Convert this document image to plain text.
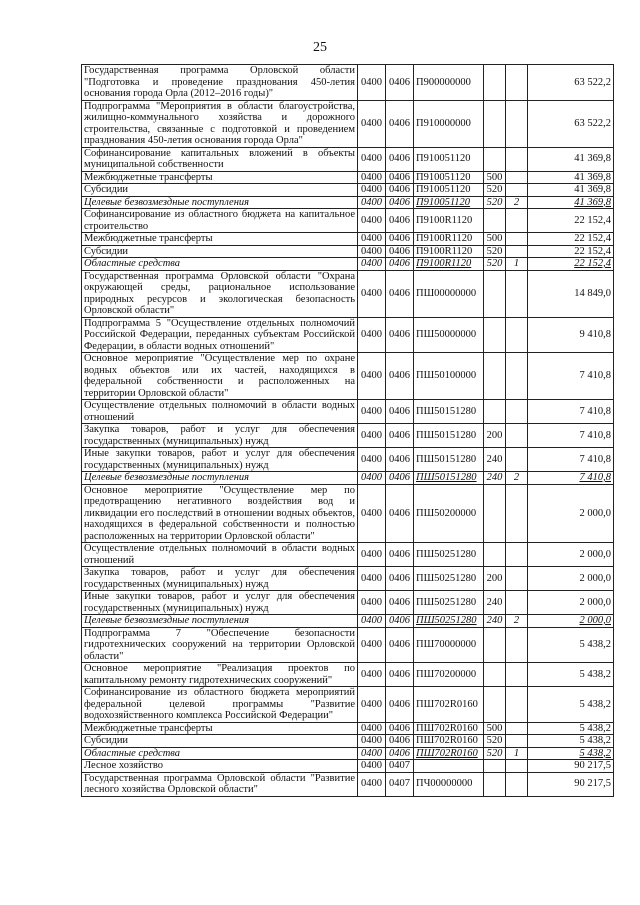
25
Государственная программа Орловской области "Подготовка и проведение празднования 450-летия основания города Орла (2012–2016 годы)"	0400	0406	П900000000			63 522,2
Подпрограмма "Мероприятия в области благоустройства, жилищно-коммунального хозяйства и дорожного строительства, связанные с подготовкой и проведением празднования 450-летия основания города Орла"	0400	0406	П910000000			63 522,2
Софинансирование капитальных вложений в объекты муниципальной собственности	0400	0406	П910051120			41 369,8
Межбюджетные трансферты	0400	0406	П910051120	500		41 369,8
Субсидии	0400	0406	П910051120	520		41 369,8
Целевые безвозмездные поступления	0400	0406	П910051120	520	2	41 369,8
Софинансирование из областного бюджета на капитальное строительство	0400	0406	П9100R1120			22 152,4
Межбюджетные трансферты	0400	0406	П9100R1120	500		22 152,4
Субсидии	0400	0406	П9100R1120	520		22 152,4
Областные средства	0400	0406	П9100R1120	520	1	22 152,4
Государственная программа Орловской области "Охрана окружающей среды, рациональное использование природных ресурсов и экологическая безопасность Орловской области"	0400	0406	ПШ00000000			14 849,0
Подпрограмма 5 "Осуществление отдельных полномочий Российской Федерации, переданных субъектам Российской Федерации, в области водных отношений"	0400	0406	ПШ50000000			9 410,8
Основное мероприятие "Осуществление мер по охране водных объектов или их частей, находящихся в федеральной собственности и расположенных на территории Орловской области"	0400	0406	ПШ50100000			7 410,8
Осуществление отдельных полномочий в области водных отношений	0400	0406	ПШ50151280			7 410,8
Закупка товаров, работ и услуг для обеспечения государственных (муниципальных) нужд	0400	0406	ПШ50151280	200		7 410,8
Иные закупки товаров, работ и услуг для обеспечения государственных (муниципальных) нужд	0400	0406	ПШ50151280	240		7 410,8
Целевые безвозмездные поступления	0400	0406	ПШ50151280	240	2	7 410,8
Основное мероприятие "Осуществление мер по предотвращению негативного воздействия вод и ликвидации его последствий в отношении водных объектов, находящихся в федеральной собственности и полностью расположенных на территории Орловской области"	0400	0406	ПШ50200000			2 000,0
Осуществление отдельных полномочий в области водных отношений	0400	0406	ПШ50251280			2 000,0
Закупка товаров, работ и услуг для обеспечения государственных (муниципальных) нужд	0400	0406	ПШ50251280	200		2 000,0
Иные закупки товаров, работ и услуг для обеспечения государственных (муниципальных) нужд	0400	0406	ПШ50251280	240		2 000,0
Целевые безвозмездные поступления	0400	0406	ПШ50251280	240	2	2 000,0
Подпрограмма 7 "Обеспечение безопасности гидротехнических сооружений на территории Орловской области"	0400	0406	ПШ70000000			5 438,2
Основное мероприятие "Реализация проектов по капитальному ремонту гидротехнических сооружений"	0400	0406	ПШ70200000			5 438,2
Софинансирование из областного бюджета мероприятий федеральной целевой программы "Развитие водохозяйственного комплекса Российской Федерации"	0400	0406	ПШ702R0160			5 438,2
Межбюджетные трансферты	0400	0406	ПШ702R0160	500		5 438,2
Субсидии	0400	0406	ПШ702R0160	520		5 438,2
Областные средства	0400	0406	ПШ702R0160	520	1	5 438,2
Лесное хозяйство	0400	0407				90 217,5
Государственная программа Орловской области "Развитие лесного хозяйства Орловской области"	0400	0407	ПЧ00000000			90 217,5
